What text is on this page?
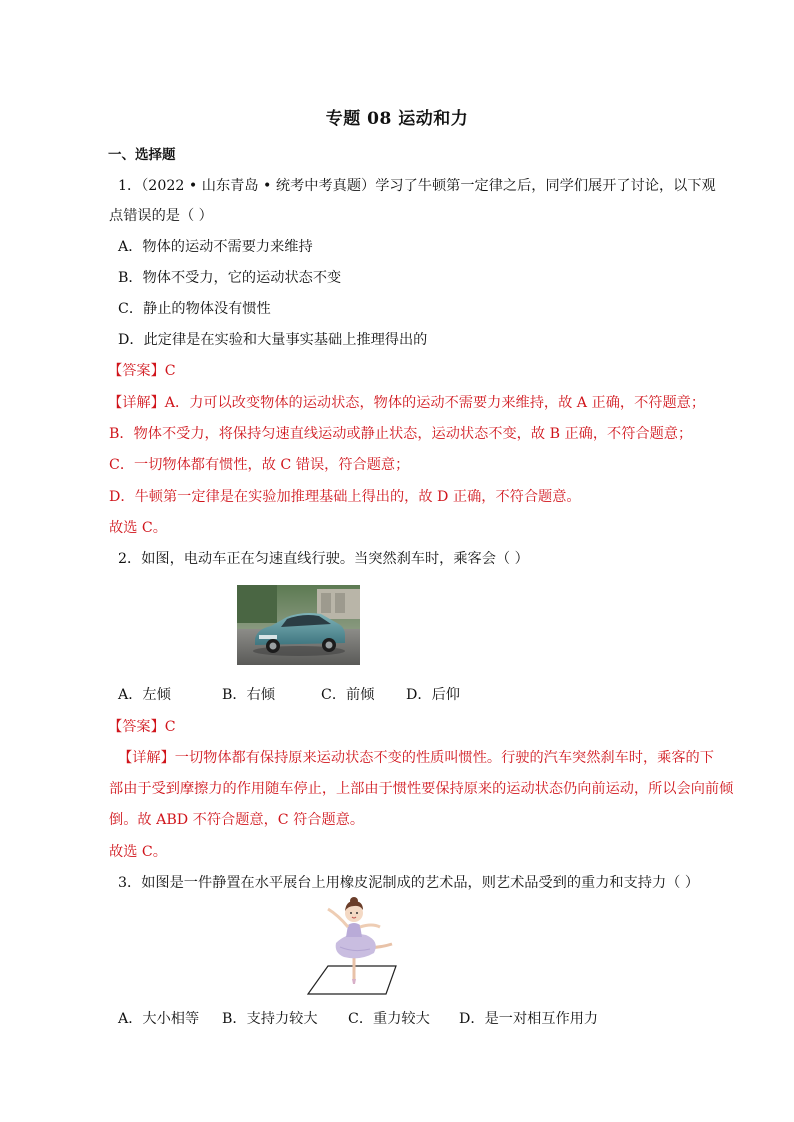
专题 08 运动和力
一、选择题
1．（2022 • 山东青岛 • 统考中考真题）学习了牛顿第一定律之后，同学们展开了讨论，以下观
点错误的是（ ）
A．物体的运动不需要力来维持
B．物体不受力，它的运动状态不变
C．静止的物体没有惯性
D．此定律是在实验和大量事实基础上推理得出的
【答案】C
【详解】A．力可以改变物体的运动状态，物体的运动不需要力来维持，故 A 正确，不符题意；
B．物体不受力，将保持匀速直线运动或静止状态，运动状态不变，故 B 正确，不符合题意；
C．一切物体都有惯性，故 C 错误，符合题意；
D．牛顿第一定律是在实验加推理基础上得出的，故 D 正确，不符合题意。
故选 C。
2．如图，电动车正在匀速直线行驶。当突然刹车时，乘客会（ ）
A．左倾	B．右倾	C．前倾 D．后仰
【答案】C
【详解】一切物体都有保持原来运动状态不变的性质叫惯性。行驶的汽车突然刹车时，乘客的下
部由于受到摩擦力的作用随车停止，上部由于惯性要保持原来的运动状态仍向前运动，所以会向前倾
倒。故 ABD 不符合题意，C 符合题意。
故选 C。
3．如图是一件静置在水平展台上用橡皮泥制成的艺术品，则艺术品受到的重力和支持力（ ）
A．大小相等 B．支持力较大 C．重力较大 D．是一对相互作用力
